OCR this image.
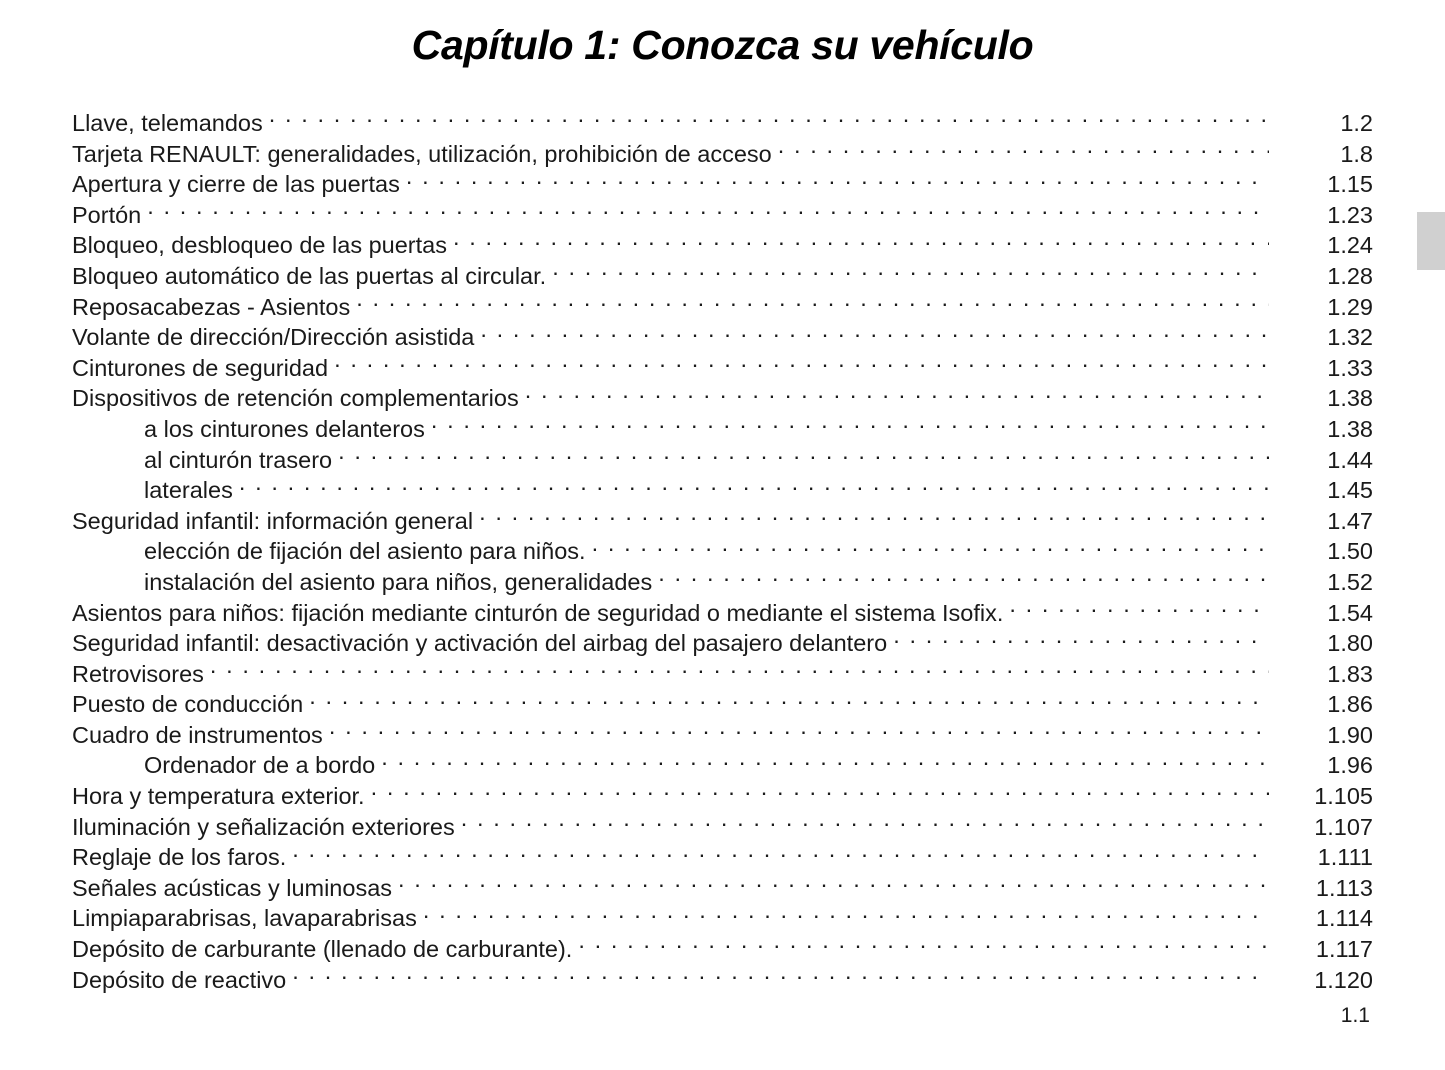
Capítulo 1: Conozca su vehículo
Llave, telemandos . . .	1.2
Tarjeta RENAULT: generalidades, utilización, prohibición de acceso . . .	1.8
Apertura y cierre de las puertas . . .	1.15
Portón . . .	1.23
Bloqueo, desbloqueo de las puertas . . .	1.24
Bloqueo automático de las puertas al circular. . . .	1.28
Reposacabezas - Asientos . . .	1.29
Volante de dirección/Dirección asistida . . .	1.32
Cinturones de seguridad . . .	1.33
Dispositivos de retención complementarios . . .	1.38
a los cinturones delanteros . . .	1.38
al cinturón trasero . . .	1.44
laterales . . .	1.45
Seguridad infantil: información general . . .	1.47
elección de fijación del asiento para niños. . . .	1.50
instalación del asiento para niños, generalidades . . .	1.52
Asientos para niños: fijación mediante cinturón de seguridad o mediante el sistema Isofix. . . .	1.54
Seguridad infantil: desactivación y activación del airbag del pasajero delantero . . .	1.80
Retrovisores . . .	1.83
Puesto de conducción . . .	1.86
Cuadro de instrumentos . . .	1.90
Ordenador de a bordo . . .	1.96
Hora y temperatura exterior. . . .	1.105
Iluminación y señalización exteriores . . .	1.107
Reglaje de los faros. . . .	1.111
Señales acústicas y luminosas . . .	1.113
Limpiaparabrisas, lavaparabrisas . . .	1.114
Depósito de carburante (llenado de carburante). . . .	1.117
Depósito de reactivo . . .	1.120
1.1
